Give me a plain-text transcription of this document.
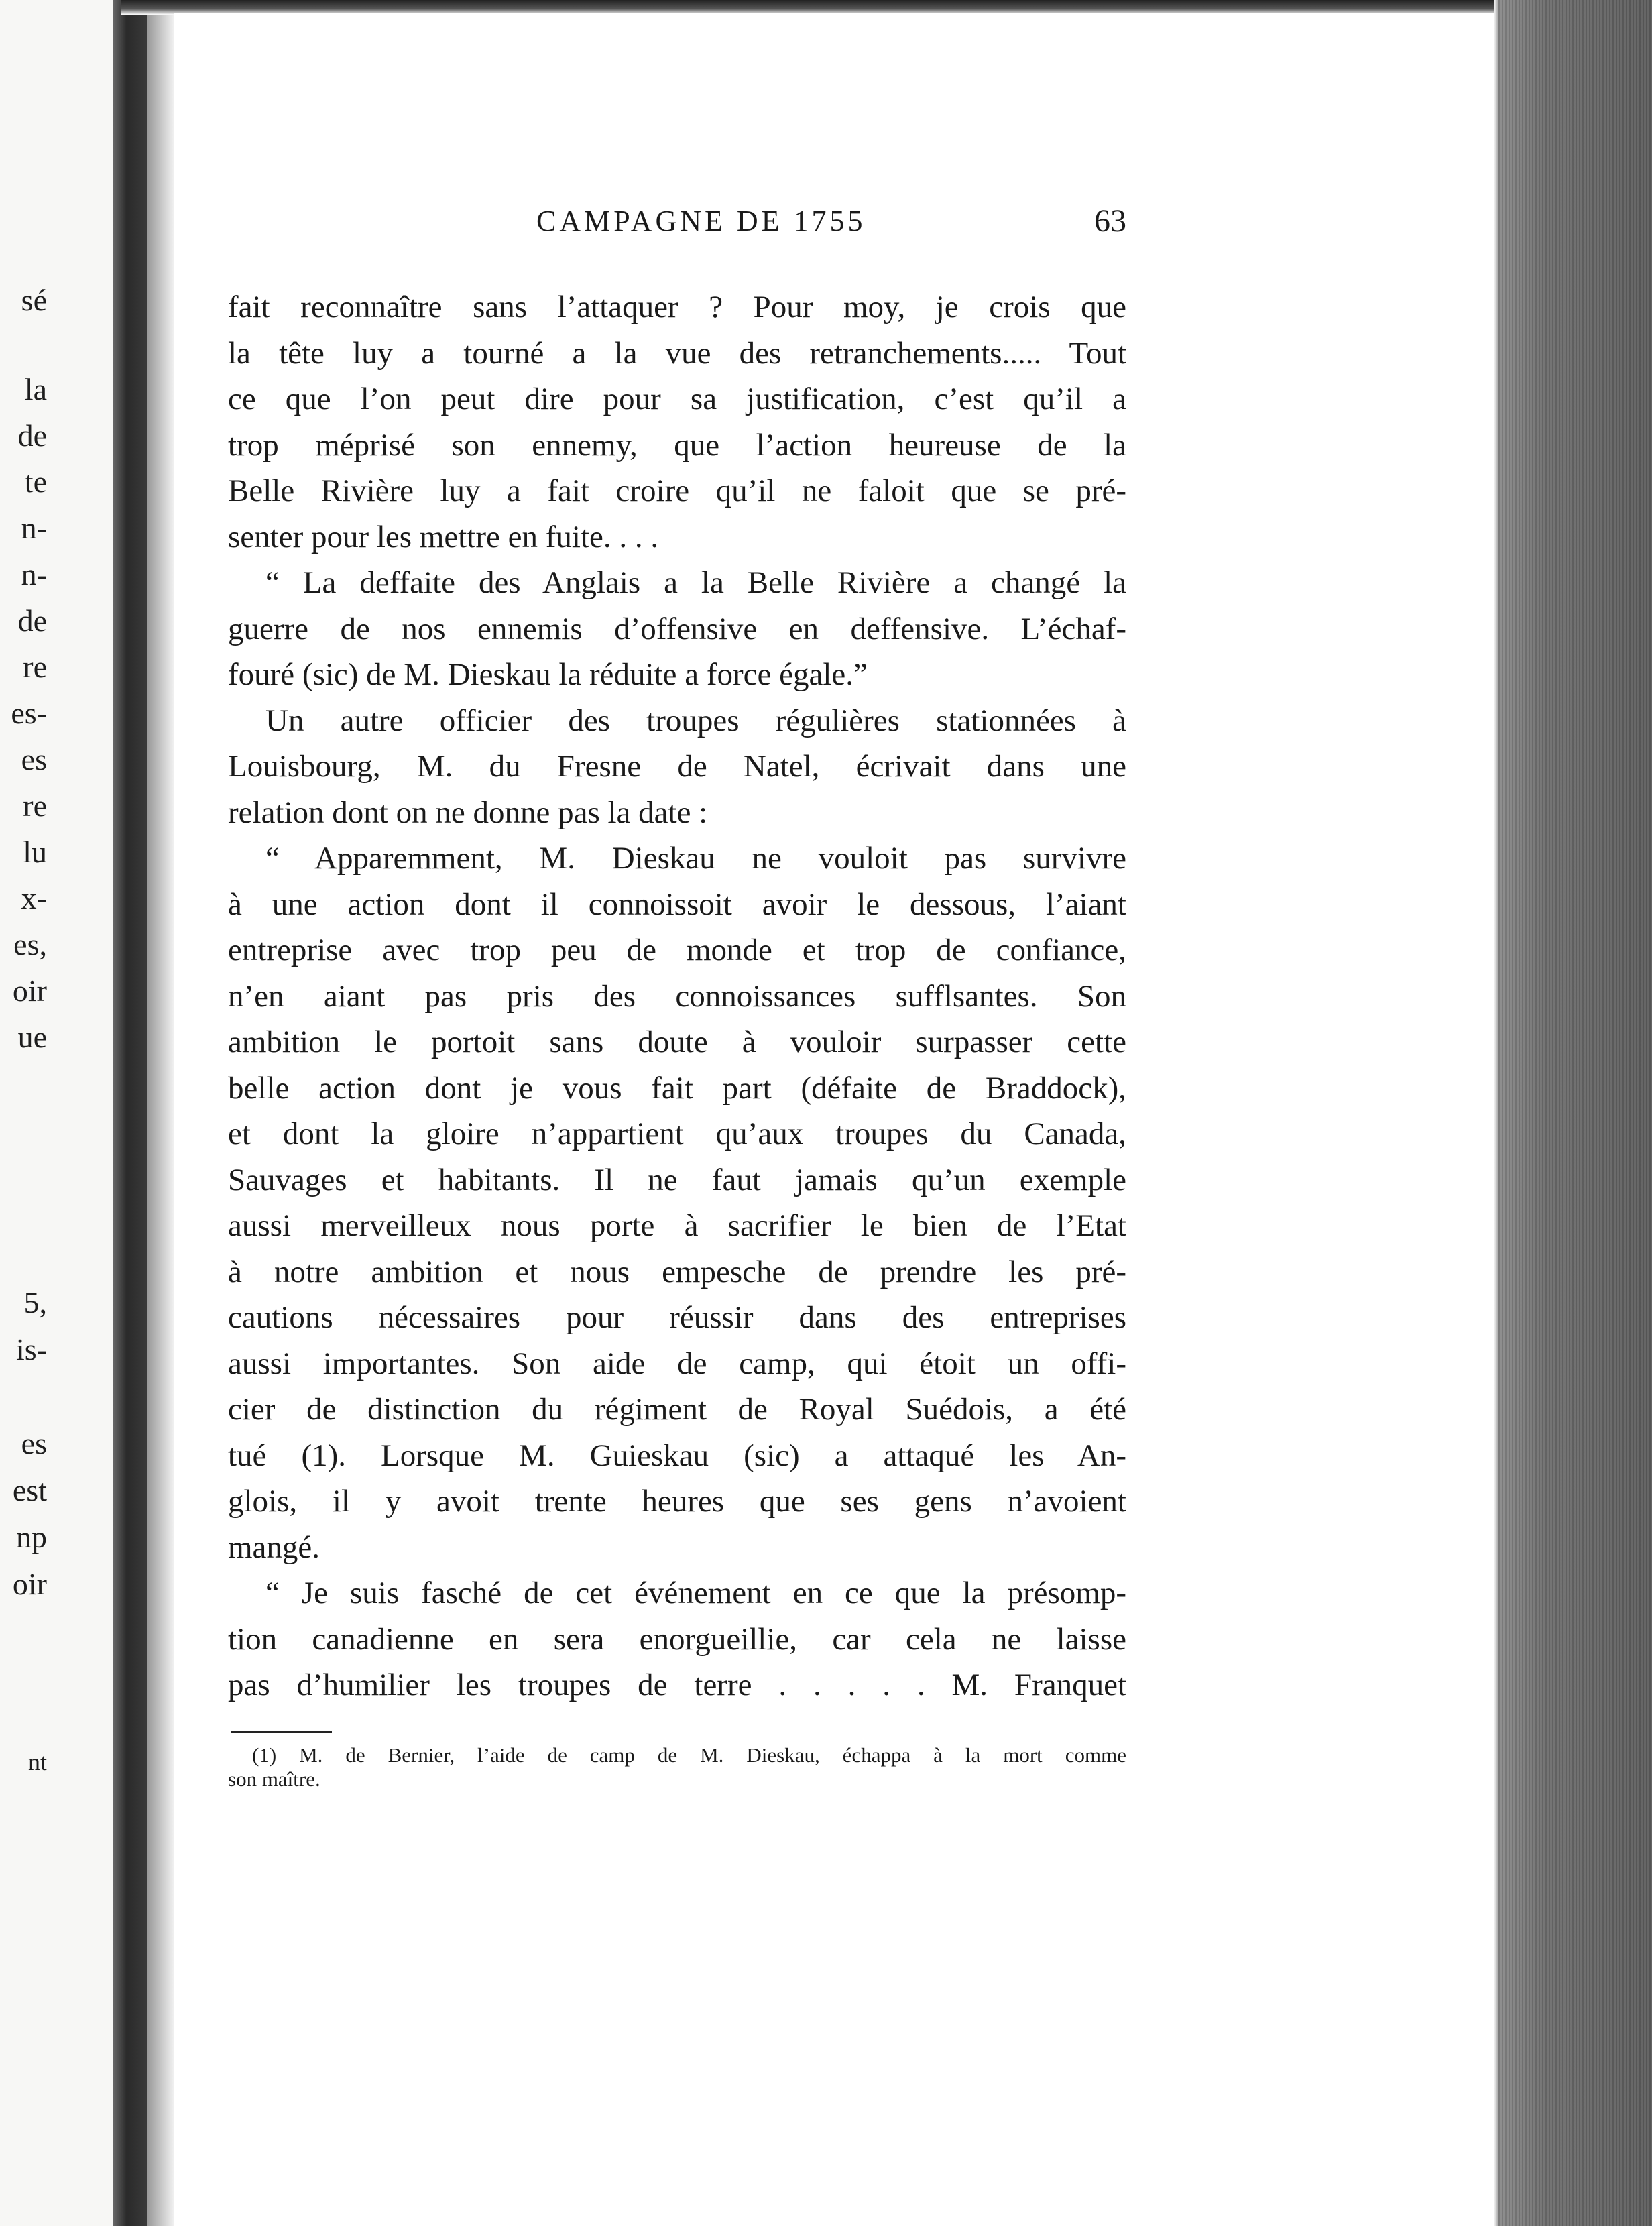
sé
la
de
te
n-
n-
de
re
es-
es
re
lu
x-
es,
oir
ue
5,
is-
es
est
np
oir
nt
CAMPAGNE DE 1755	63
fait reconnaître sans l’attaquer ? Pour moy, je crois que
la tête luy a tourné a la vue des retranchements..... Tout
ce que l’on peut dire pour sa justification, c’est qu’il a
trop méprisé son ennemy, que l’action heureuse de la
Belle Rivière luy a fait croire qu’il ne faloit que se pré-
senter pour les mettre en fuite. . . .
“ La deffaite des Anglais a la Belle Rivière a changé la
guerre de nos ennemis d’offensive en deffensive. L’échaf-
fouré (sic) de M. Dieskau la réduite a force égale.”
Un autre officier des troupes régulières stationnées à
Louisbourg, M. du Fresne de Natel, écrivait dans une
relation dont on ne donne pas la date :
“ Apparemment, M. Dieskau ne vouloit pas survivre
à une action dont il connoissoit avoir le dessous, l’aiant
entreprise avec trop peu de monde et trop de confiance,
n’en aiant pas pris des connoissances sufflsantes. Son
ambition le portoit sans doute à vouloir surpasser cette
belle action dont je vous fait part (défaite de Braddock),
et dont la gloire n’appartient qu’aux troupes du Canada,
Sauvages et habitants. Il ne faut jamais qu’un exemple
aussi merveilleux nous porte à sacrifier le bien de l’Etat
à notre ambition et nous empesche de prendre les pré-
cautions nécessaires pour réussir dans des entreprises
aussi importantes. Son aide de camp, qui étoit un offi-
cier de distinction du régiment de Royal Suédois, a été
tué (1). Lorsque M. Guieskau (sic) a attaqué les An-
glois, il y avoit trente heures que ses gens n’avoient
mangé.
“ Je suis fasché de cet événement en ce que la présomp-
tion canadienne en sera enorgueillie, car cela ne laisse
pas d’humilier les troupes de terre . . . . . M. Franquet
(1) M. de Bernier, l’aide de camp de M. Dieskau, échappa à la mort comme
son maître.
